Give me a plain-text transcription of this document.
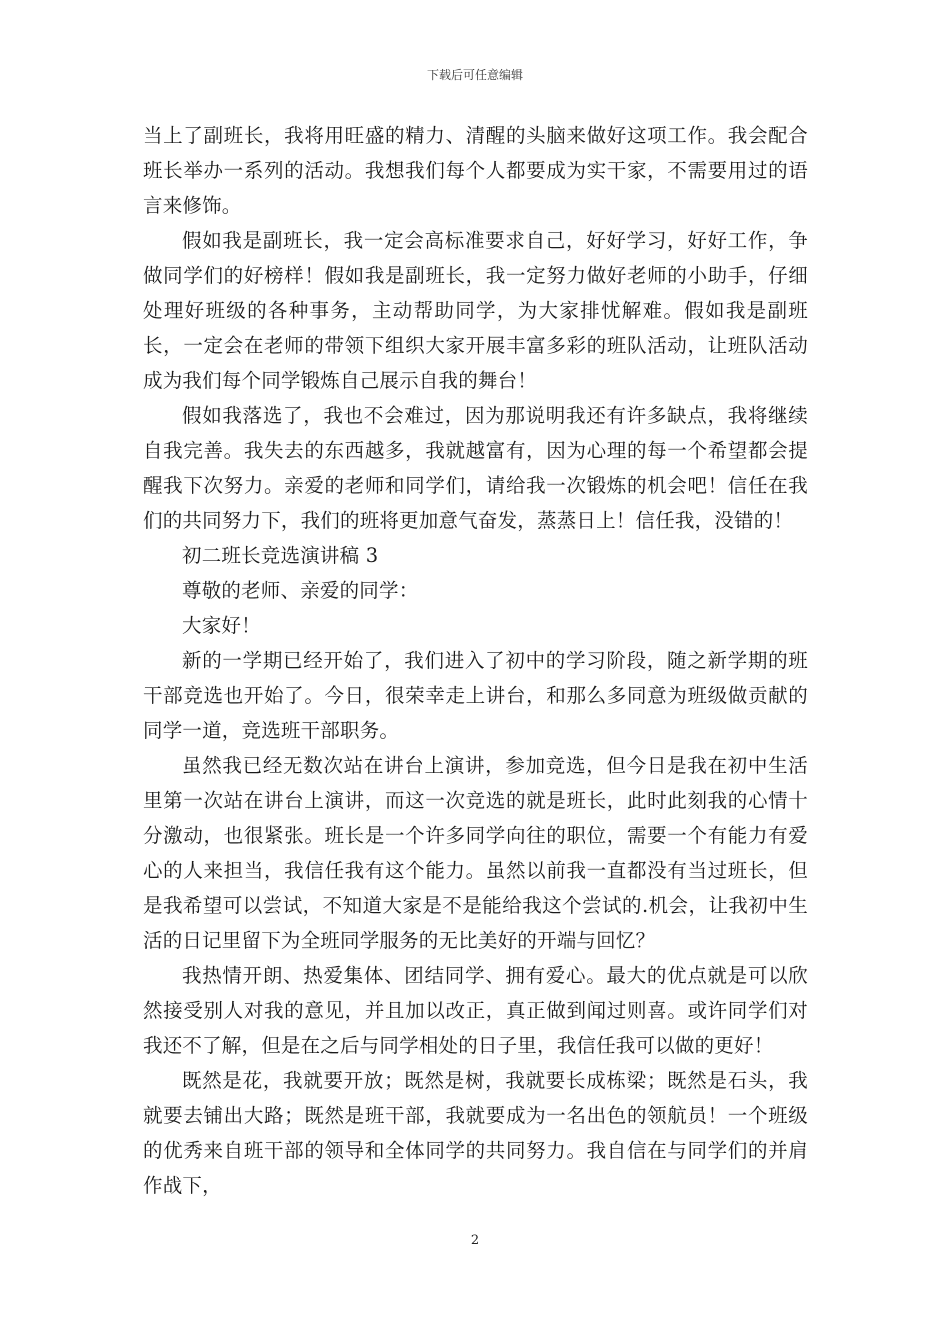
下载后可任意编辑

当上了副班长，我将用旺盛的精力、清醒的头脑来做好这项工作。我会配合班长举办一系列的活动。我想我们每个人都要成为实干家，不需要用过的语言来修饰。

假如我是副班长，我一定会高标准要求自己，好好学习，好好工作，争做同学们的好榜样！假如我是副班长，我一定努力做好老师的小助手，仔细处理好班级的各种事务，主动帮助同学，为大家排忧解难。假如我是副班长，一定会在老师的带领下组织大家开展丰富多彩的班队活动，让班队活动成为我们每个同学锻炼自己展示自我的舞台！

假如我落选了，我也不会难过，因为那说明我还有许多缺点，我将继续自我完善。我失去的东西越多，我就越富有，因为心理的每一个希望都会提醒我下次努力。亲爱的老师和同学们，请给我一次锻炼的机会吧！信任在我们的共同努力下，我们的班将更加意气奋发，蒸蒸日上！信任我，没错的！

初二班长竞选演讲稿 3

尊敬的老师、亲爱的同学：

大家好！

新的一学期已经开始了，我们进入了初中的学习阶段，随之新学期的班干部竞选也开始了。今日，很荣幸走上讲台，和那么多同意为班级做贡献的同学一道，竞选班干部职务。

虽然我已经无数次站在讲台上演讲，参加竞选，但今日是我在初中生活里第一次站在讲台上演讲，而这一次竞选的就是班长，此时此刻我的心情十分激动，也很紧张。班长是一个许多同学向往的职位，需要一个有能力有爱心的人来担当，我信任我有这个能力。虽然以前我一直都没有当过班长，但是我希望可以尝试，不知道大家是不是能给我这个尝试的.机会，让我初中生活的日记里留下为全班同学服务的无比美好的开端与回忆？

我热情开朗、热爱集体、团结同学、拥有爱心。最大的优点就是可以欣然接受别人对我的意见，并且加以改正，真正做到闻过则喜。或许同学们对我还不了解，但是在之后与同学相处的日子里，我信任我可以做的更好！

既然是花，我就要开放；既然是树，我就要长成栋梁；既然是石头，我就要去铺出大路；既然是班干部，我就要成为一名出色的领航员！一个班级的优秀来自班干部的领导和全体同学的共同努力。我自信在与同学们的并肩作战下，

2
